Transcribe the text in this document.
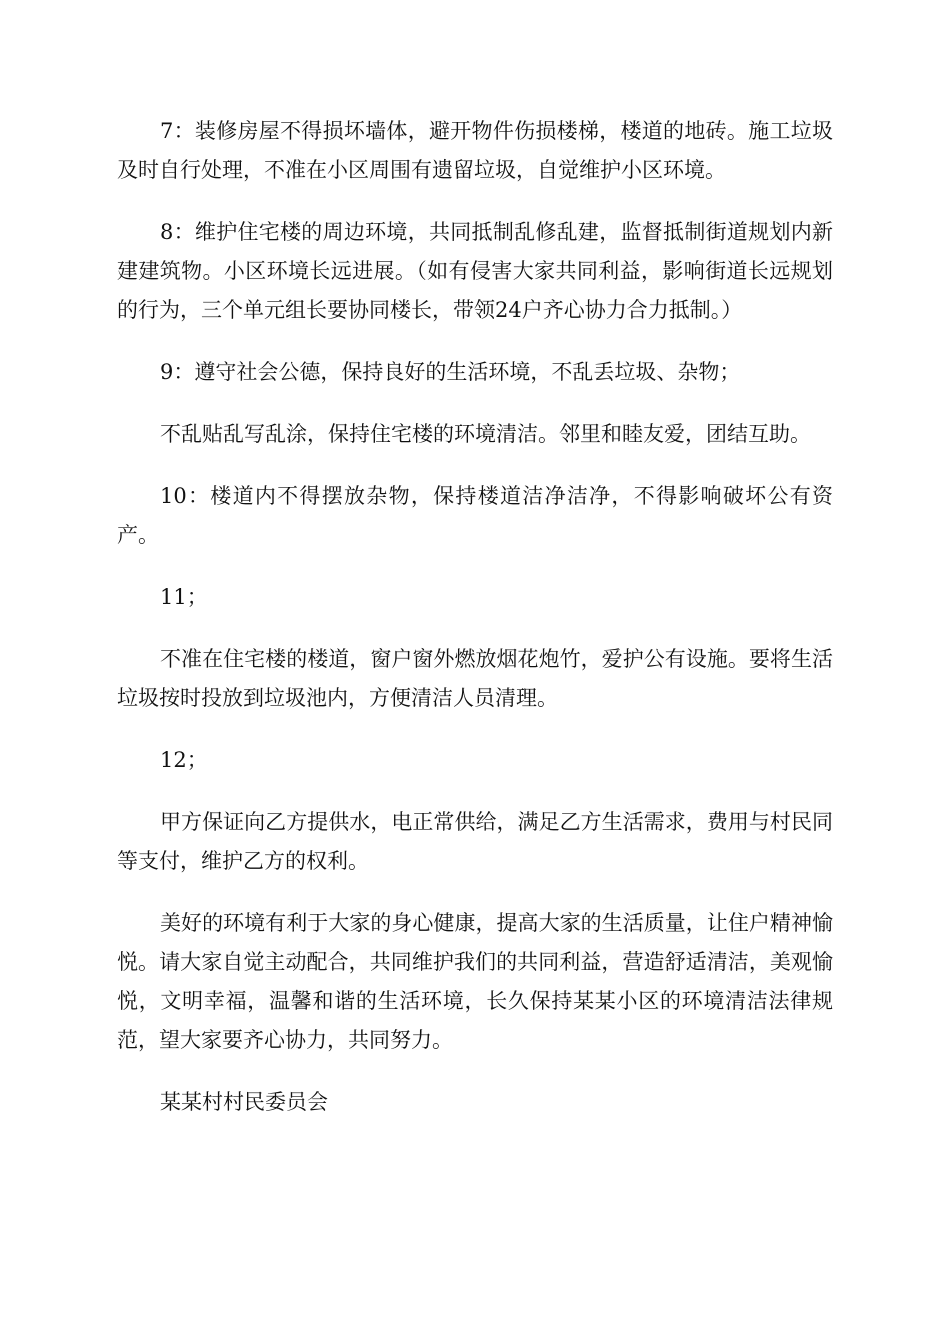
7：装修房屋不得损坏墙体，避开物件伤损楼梯，楼道的地砖。施工垃圾及时自行处理，不准在小区周围有遗留垃圾，自觉维护小区环境。

8：维护住宅楼的周边环境，共同抵制乱修乱建，监督抵制街道规划内新建建筑物。小区环境长远进展。（如有侵害大家共同利益，影响街道长远规划的行为，三个单元组长要协同楼长，带领24户齐心协力合力抵制。）

9：遵守社会公德，保持良好的生活环境，不乱丢垃圾、杂物；

不乱贴乱写乱涂，保持住宅楼的环境清洁。邻里和睦友爱，团结互助。

10：楼道内不得摆放杂物，保持楼道洁净洁净，不得影响破坏公有资产。

11；

不准在住宅楼的楼道，窗户窗外燃放烟花炮竹，爱护公有设施。要将生活垃圾按时投放到垃圾池内，方便清洁人员清理。

12；

甲方保证向乙方提供水，电正常供给，满足乙方生活需求，费用与村民同等支付，维护乙方的权利。

美好的环境有利于大家的身心健康，提高大家的生活质量，让住户精神愉悦。请大家自觉主动配合，共同维护我们的共同利益，营造舒适清洁，美观愉悦，文明幸福，温馨和谐的生活环境，长久保持某某小区的环境清洁法律规范，望大家要齐心协力，共同努力。

某某村村民委员会
